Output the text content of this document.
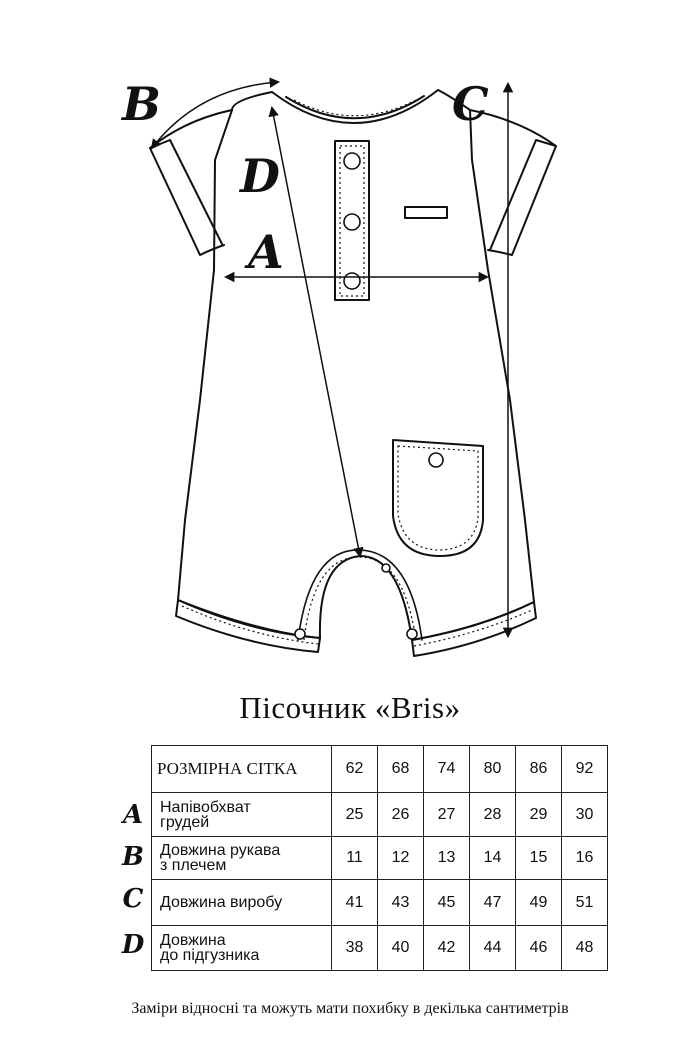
A
B	C
D
Пісочник «Bris»
РОЗМІРНА СІТКА	62	68	74	80	86	92
Напівобхват
грудей	25	26	27	28	29	30
Довжина рукава
з плечем	11	12	13	14	15	16
Довжина виробу	41	43	45	47	49	51
Довжина
до підгузника	38	40	42	44	46	48
A
B
C
D
Заміри відносні та можуть мати похибку в декілька сантиметрів
